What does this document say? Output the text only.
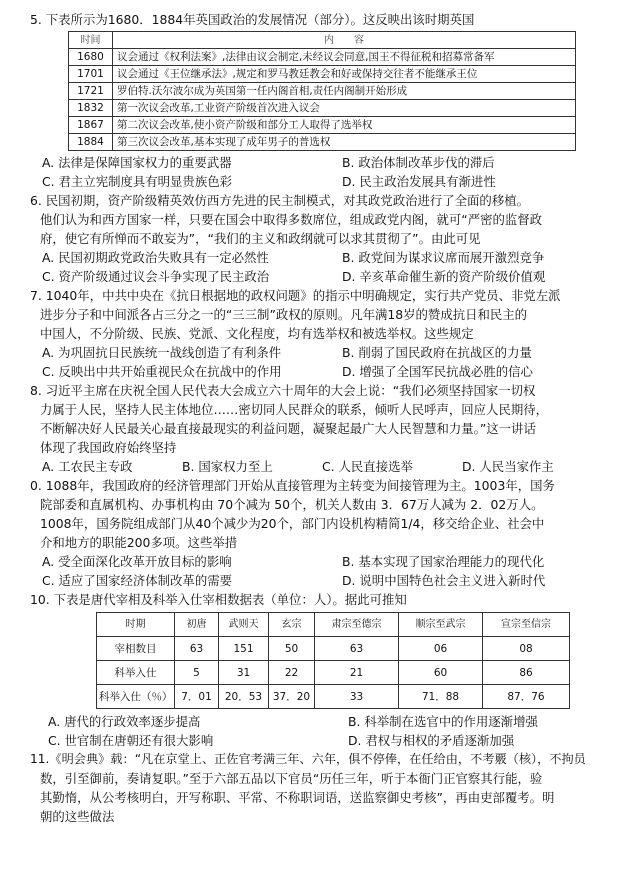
5. 下表所示为1680．1884年英国政治的发展情况（部分）。这反映出该时期英国
时间	内　　容
1680	议会通过《权利法案》,法律由议会制定,未经议会同意,国王不得征税和招募常备军
1701	议会通过《王位继承法》,规定和罗马教廷教会和好或保持交往者不能继承王位
1721	罗伯特.沃尔波尔成为英国第一任内阁首相,责任内阁制开始形成
1832	第一次议会改革,工业资产阶级首次进入议会
1867	第二次议会改革,使小资产阶级和部分工人取得了选举权
1884	第三次议会改革,基本实现了成年男子的普选权
A. 法律是保障国家权力的重要武器	B. 政治体制改革步伐的滞后
C. 君主立宪制度具有明显贵族色彩	D. 民主政治发展具有渐进性
6. 民国初期，资产阶级精英效仿西方先进的民主制模式，对其政党政治进行了全面的移植。
他们认为和西方国家一样，只要在国会中取得多数席位，组成政党内阁，就可“严密的监督政
府，使它有所惮而不敢妄为”，“我们的主义和政纲就可以求其贯彻了”。由此可见
A. 民国初期政党政治失败具有一定必然性	B. 政党间为谋求议席而展开激烈竞争
C. 资产阶级通过议会斗争实现了民主政治	D. 辛亥革命催生新的资产阶级价值观
7. 1040年，中共中央在《抗日根据地的政权问题》的指示中明确规定，实行共产党员、非党左派
进步分子和中间派各占三分之一的“三三制”政权的原则。凡年满18岁的赞成抗日和民主的
中国人，不分阶级、民族、党派、文化程度，均有选举权和被选举权。这些规定
A. 为巩固抗日民族统一战线创造了有利条件	B. 削弱了国民政府在抗战区的力量
C. 反映出中共开始重视民众在抗战中的作用	D. 增强了全国军民抗战必胜的信心
8. 习近平主席在庆祝全国人民代表大会成立六十周年的大会上说：“我们必须坚持国家一切权
力属于人民，坚持人民主体地位……密切同人民群众的联系，倾听人民呼声，回应人民期待，
不断解决好人民最关心最直接最现实的利益问题，凝聚起最广大人民智慧和力量。”这一讲话
体现了我国政府始终坚持
A. 工农民主专政	B. 国家权力至上	C. 人民直接选举	D. 人民当家作主
0. 1088年，我国政府的经济管理部门开始从直接管理为主转变为间接管理为主。1003年，国务
院部委和直属机构、办事机构由 70个减为 50个，机关人数由 3．67万人减为 2．02万人。
1008年，国务院组成部门从40个减少为20个，部门内设机构精简1/4，移交给企业、社会中
介和地方的职能200多项。这些举措
A. 受全面深化改革开放目标的影响	B. 基本实现了国家治理能力的现代化
C. 适应了国家经济体制改革的需要	D. 说明中国特色社会主义进入新时代
10. 下表是唐代宰相及科举入仕宰相数据表（单位：人）。据此可推知
时期	初唐	武则天	玄宗	肃宗至德宗	顺宗至武宗	宣宗至信宗
宰相数目	63	151	50	63	06	08
科举入仕	5	31	22	21	60	86
科举入仕（％）	7．01	20．53	37．20	33	71．88	87．76
A. 唐代的行政效率逐步提高	B. 科举制在选官中的作用逐渐增强
C. 世官制在唐朝还有很大影响	D. 君权与相权的矛盾逐渐加强
11.《明会典》载：“凡在京堂上、正佐官考满三年、六年，俱不停俸，在任给由，不考覈（核），不拘员
数，引至御前，奏请复职。”至于六部五品以下官员“历任三年，听于本衙门正官察其行能，验
其勤惰，从公考核明白，开写称职、平常、不称职词语，送监察御史考核”，再由吏部覆考。明
朝的这些做法
